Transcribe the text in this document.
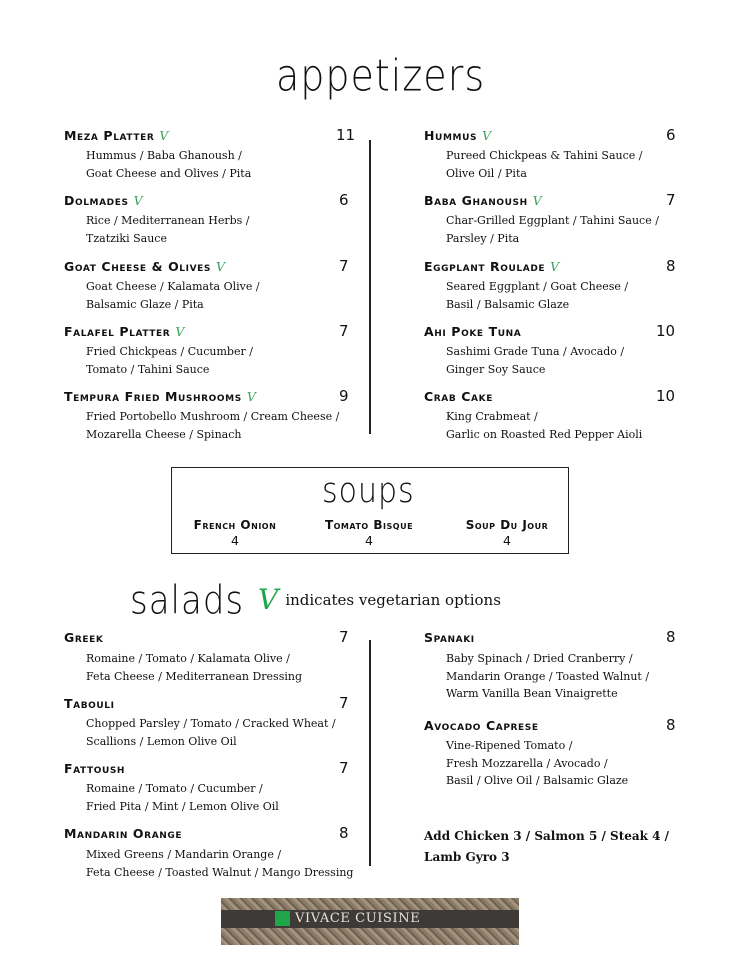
appetizers
Meza Platter V	11
Hummus / Baba Ghanoush /
Goat Cheese and Olives / Pita
Dolmades V	6
Rice / Mediterranean Herbs /
Tzatziki Sauce
Goat Cheese & Olives V	7
Goat Cheese / Kalamata Olive /
Balsamic Glaze / Pita
Falafel Platter V	7
Fried Chickpeas / Cucumber /
Tomato / Tahini Sauce
Tempura Fried Mushrooms V	9
Fried Portobello Mushroom / Cream Cheese /
Mozarella Cheese / Spinach
Hummus V	6
Pureed Chickpeas & Tahini Sauce /
Olive Oil / Pita
Baba Ghanoush V	7
Char-Grilled Eggplant / Tahini Sauce /
Parsley / Pita
Eggplant Roulade V	8
Seared Eggplant / Goat Cheese /
Basil / Balsamic Glaze
Ahi Poke Tuna	10
Sashimi Grade Tuna / Avocado /
Ginger Soy Sauce
Crab Cake	10
King Crabmeat /
Garlic on Roasted Red Pepper Aioli
soups
French Onion
4
Tomato Bisque
4
Soup Du Jour
4
salads V indicates vegetarian options
Greek	7
Romaine / Tomato / Kalamata Olive /
Feta Cheese / Mediterranean Dressing
Tabouli	7
Chopped Parsley / Tomato / Cracked Wheat /
Scallions / Lemon Olive Oil
Fattoush	7
Romaine / Tomato / Cucumber /
Fried Pita / Mint / Lemon Olive Oil
Mandarin Orange	8
Mixed Greens / Mandarin Orange /
Feta Cheese / Toasted Walnut / Mango Dressing
Spanaki	8
Baby Spinach / Dried Cranberry /
Mandarin Orange / Toasted Walnut /
Warm Vanilla Bean Vinaigrette
Avocado Caprese	8
Vine-Ripened Tomato /
Fresh Mozzarella / Avocado /
Basil / Olive Oil / Balsamic Glaze
Add Chicken 3 / Salmon 5 / Steak 4 /
Lamb Gyro 3
VIVACE CUISINE
